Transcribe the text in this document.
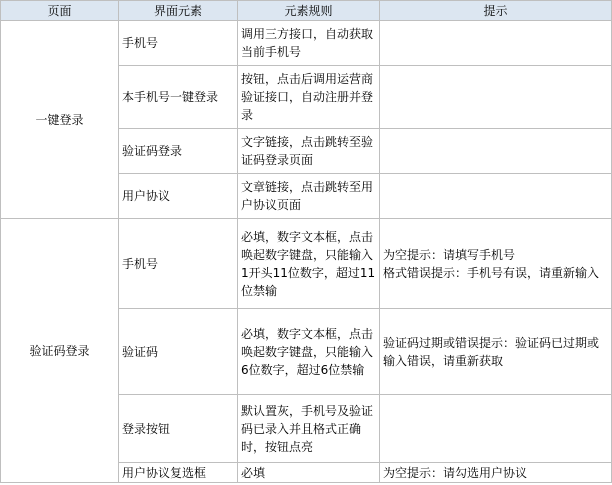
页面	界面元素	元素规则	提示
一键登录	手机号	调用三方接口，自动获取当前手机号	
	本手机号一键登录	按钮，点击后调用运营商验证接口，自动注册并登录	
	验证码登录	文字链接，点击跳转至验证码登录页面	
	用户协议	文章链接，点击跳转至用户协议页面	
验证码登录	手机号	必填，数字文本框，点击唤起数字键盘，只能输入1开头11位数字，超过11位禁输	为空提示：请填写手机号
格式错误提示：手机号有误，请重新输入
	验证码	必填，数字文本框，点击唤起数字键盘，只能输入6位数字，超过6位禁输	验证码过期或错误提示：验证码已过期或输入错误，请重新获取
	登录按钮	默认置灰，手机号及验证码已录入并且格式正确时，按钮点亮	
	用户协议复选框	必填	为空提示：请勾选用户协议
